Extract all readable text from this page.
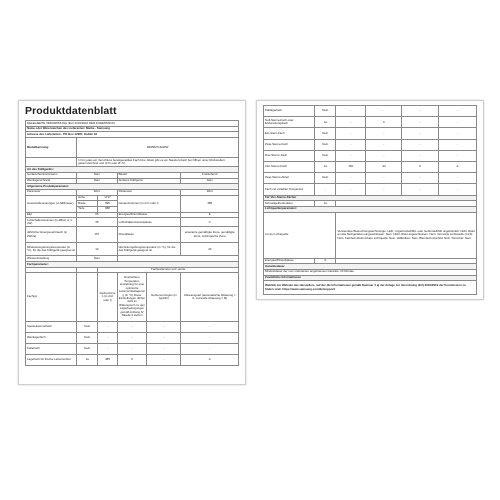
Produktdatenblatt
DELEGIERTE VERORDNUNG (EU) 2019/2016 DER KOMMISSION					
Name oder Warenzeichen des Lieferanten: Marke · Samsung					
Adresse des Lieferanten · PO Box 12987, Dublin 18					
Modellkennung:	RR39M7140WW				
	1 Für jedes ein Verschluss bereitgestelltes Fach bzw. Abteil gibt es ein Standort-Fach bei Öffnen unter Rückstellern gekennzeichnet und (0 % oder Ø -5).				
Art des Kühlgeräts:					
Geräuschemissionsarm	Nein		Bauart		Freistehend
Weinlagerschrank	Nein		Anderes Kühlgerät		Nein
Allgemeine Produktparameter:					
Parameter	Wert		Parameter		Wert
Gesamtabmessungen (in Millimeter)	Höhe	1717	Gesamtvolumen (in dm³ oder l)		385
	Breite	595			
	Tiefe	688			
EEI	65		Energieeffizienzklasse		E
Luftschallemissionen (in dB(A) re 1 pW)	35		Luftschallemissionsklasse		C
Jährlicher Energieverbrauch (in kWh/a)	167		Klimaklasse		erweiterte gemäßigte Zone, gemäßigte Zone, subtropische Zone
Mindestumgebungstemperatur (in °C), für die das Kühlgerät geeignet ist	10		Höchstumgebungstemperatur (in °C), für die das Kühlgerät geeignet ist		43
Wintereinstellung	Nein				
Fachparameter:					
		Fachparameter und -werte			
Fachtyp		Fachvolumen (in dm³ oder l)	Empfohlene Temperatureinstellung für eine optimierte Lebensmittellagerung (in °C) Diese Einstellungen dürfen nicht im Widerspruch zu den Lagerbedingungen gemäß Anhang IV Tabelle 3 stehen	Gefriervermögen (in kg/24h)	Abtauungsart (automatische Abtauung = A, manuelle Abtauung = M)
Speisekammerfach	Nein	-	-	-	-
Weinlagerfach	Nein	-	-	-	-
Kellerfach	Nein	-	-	-	-
Lagerfach für frische Lebensmittel	Ja	385	5	-	A
Kaltlagerfach	Nein	-	-	-	-
Null-Sterne-Fach oder Eisbereitungsfach	Ja	-	0	-	-
Ein-Stern-Fach	Nein	-	-	-	-
Zwei-Sterne-Fach	Nein	-	-	-	-
Drei-Sterne-Fach	Nein	-	-	-	-
Vier-Sterne-Fach	Ja	150	-22	9	A
Zwei-Sterne-Abteil	Nein	-	-	-	-
Fach mit variabler Temperatur	-	-	-	-	-
Für Vier-Sterne-Fächer					
Schnellgefrierfunktion	Ja				
Lichtquellenparameter:					
Art der Lichtquelle		Verwendete Beleuchtungstechnologie: LED. Ungebündelt/Mit- oder Gebündelt/Mit ungebündelt: Nicht direkt an das Netzgerät/an eingeschlossen: Nein. Nicht direkt angeschlossen: Nein. Vernetzte Lichtquelle (CLS): Nein. Farbhell abstimmbare Lichtquelle: Nein. Hüllkolben: Nein. Blendschutzschild: Nein. Dimmbar: Nein			
Energieeffizienzklasse	G				
Garantiedauer					
Mindestdauer der vom Lieferanten angebotenen Garantie: 24 Monate					
Zusätzliche Informationen					
Weblink zur Website des Herstellers, auf der die Informationen gemäß Nummer 4 a) der Anlage zur Verordnung (EU) 2019/2019 der Kommission zu finden sind: https://www.samsung.com/de/support/					
